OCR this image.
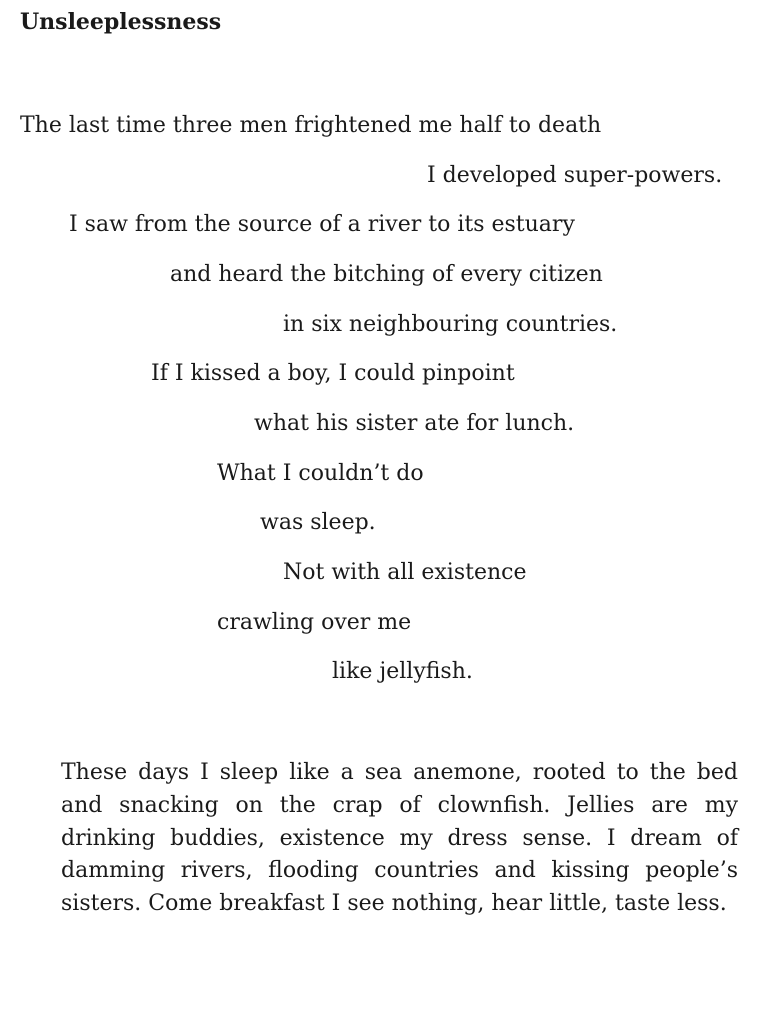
Unsleeplessness
The last time three men frightened me half to death
I developed super-powers.
I saw from the source of a river to its estuary
and heard the bitching of every citizen
in six neighbouring countries.
If I kissed a boy, I could pinpoint
what his sister ate for lunch.
What I couldn’t do
was sleep.
Not with all existence
crawling over me
like jellyfish.
These days I sleep like a sea anemone, rooted to the bed and snacking on the crap of clownfish. Jellies are my drinking buddies, existence my dress sense. I dream of damming rivers, flooding countries and kissing people’s sisters. Come breakfast I see nothing, hear little, taste less.
